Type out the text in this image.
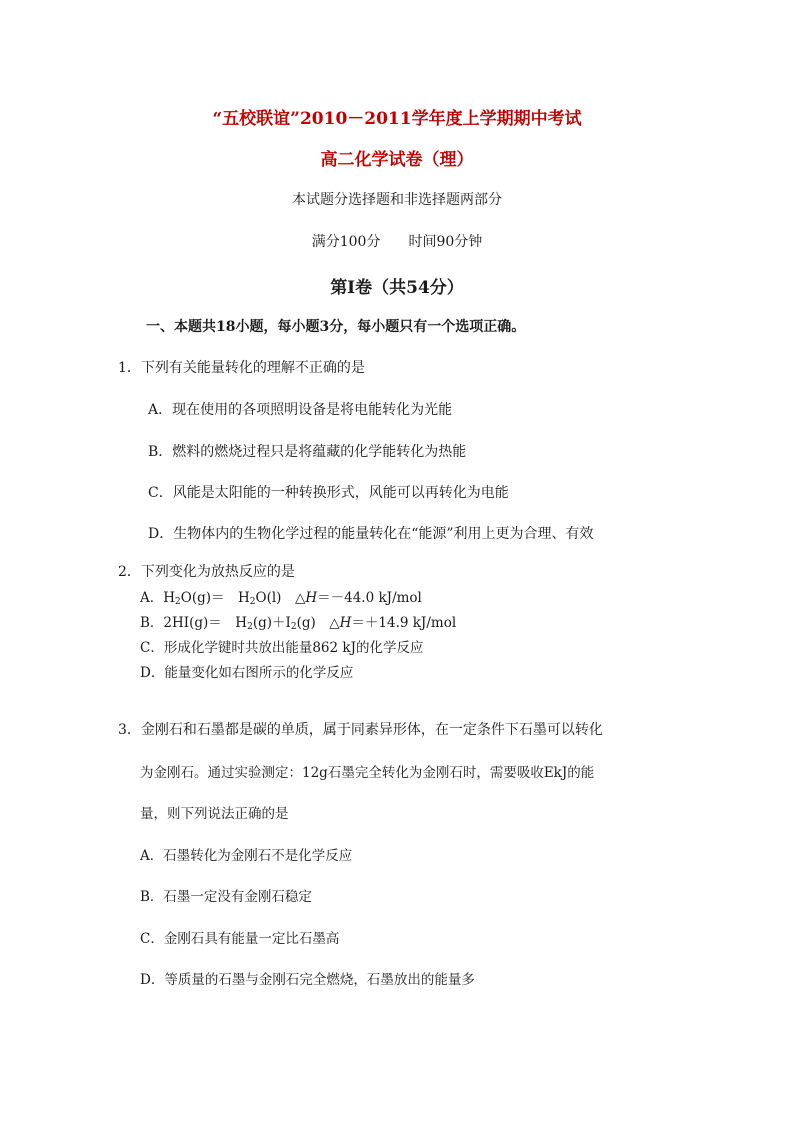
“五校联谊”2010－2011学年度上学期期中考试
高二化学试卷（理）
本试题分选择题和非选择题两部分
满分100分　　时间90分钟
第Ⅰ卷（共54分）
一、本题共18小题，每小题3分，每小题只有一个选项正确。
1．下列有关能量转化的理解不正确的是
A．现在使用的各项照明设备是将电能转化为光能
B．燃料的燃烧过程只是将蕴藏的化学能转化为热能
C．风能是太阳能的一种转换形式，风能可以再转化为电能
D．生物体内的生物化学过程的能量转化在“能源”利用上更为合理、有效
2．下列变化为放热反应的是
A．$H_2O(g)=$　$H_2O(l)$　△H＝－44.0 kJ/mol
B．2HI(g)＝　$H_2(g)+I_2(g)$　△H＝＋14.9 kJ/mol
C．形成化学键时共放出能量862 kJ的化学反应
D．能量变化如右图所示的化学反应
3．金刚石和石墨都是碳的单质，属于同素异形体，在一定条件下石墨可以转化
为金刚石。通过实验测定：12g石墨完全转化为金刚石时，需要吸收EkJ的能
量，则下列说法正确的是
A．石墨转化为金刚石不是化学反应
B．石墨一定没有金刚石稳定
C．金刚石具有能量一定比石墨高
D．等质量的石墨与金刚石完全燃烧，石墨放出的能量多
